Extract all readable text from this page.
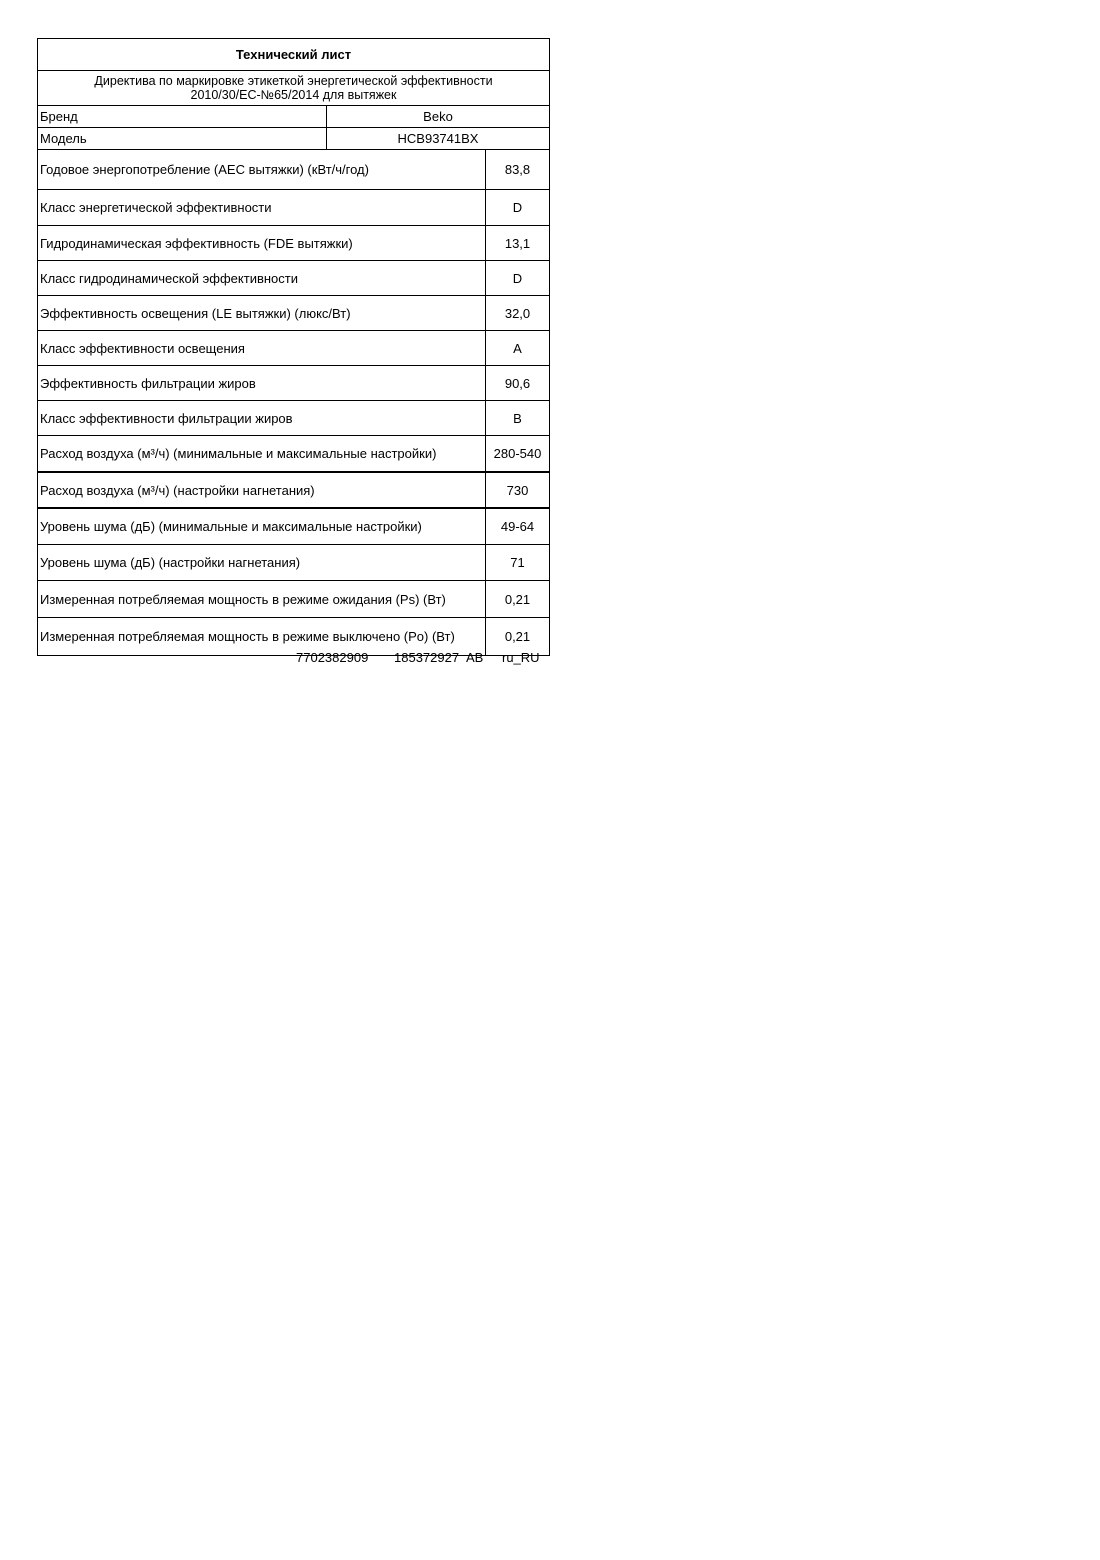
Технический лист
Директива по маркировке этикеткой энергетической эффективности
2010/30/EC-№65/2014 для вытяжек
Бренд	Beko
Модель	HCB93741BX
Годовое энергопотребление (AEC вытяжки) (кВт/ч/год)	83,8
Класс энергетической эффективности	D
Гидродинамическая эффективность (FDE вытяжки)	13,1
Класс гидродинамической эффективности	D
Эффективность освещения (LE вытяжки) (люкс/Вт)	32,0
Класс эффективности освещения	A
Эффективность фильтрации жиров	90,6
Класс эффективности фильтрации жиров	B
Расход воздуха (м³/ч) (минимальные и максимальные настройки)	280-540
Расход воздуха (м³/ч) (настройки нагнетания)	730
Уровень шума (дБ) (минимальные и максимальные настройки)	49-64
Уровень шума (дБ) (настройки нагнетания)	71
Измеренная потребляемая мощность в режиме ожидания (Ps) (Вт)	0,21
Измеренная потребляемая мощность в режиме выключено (Po) (Вт)	0,21
7702382909 185372927 AB ru_RU
